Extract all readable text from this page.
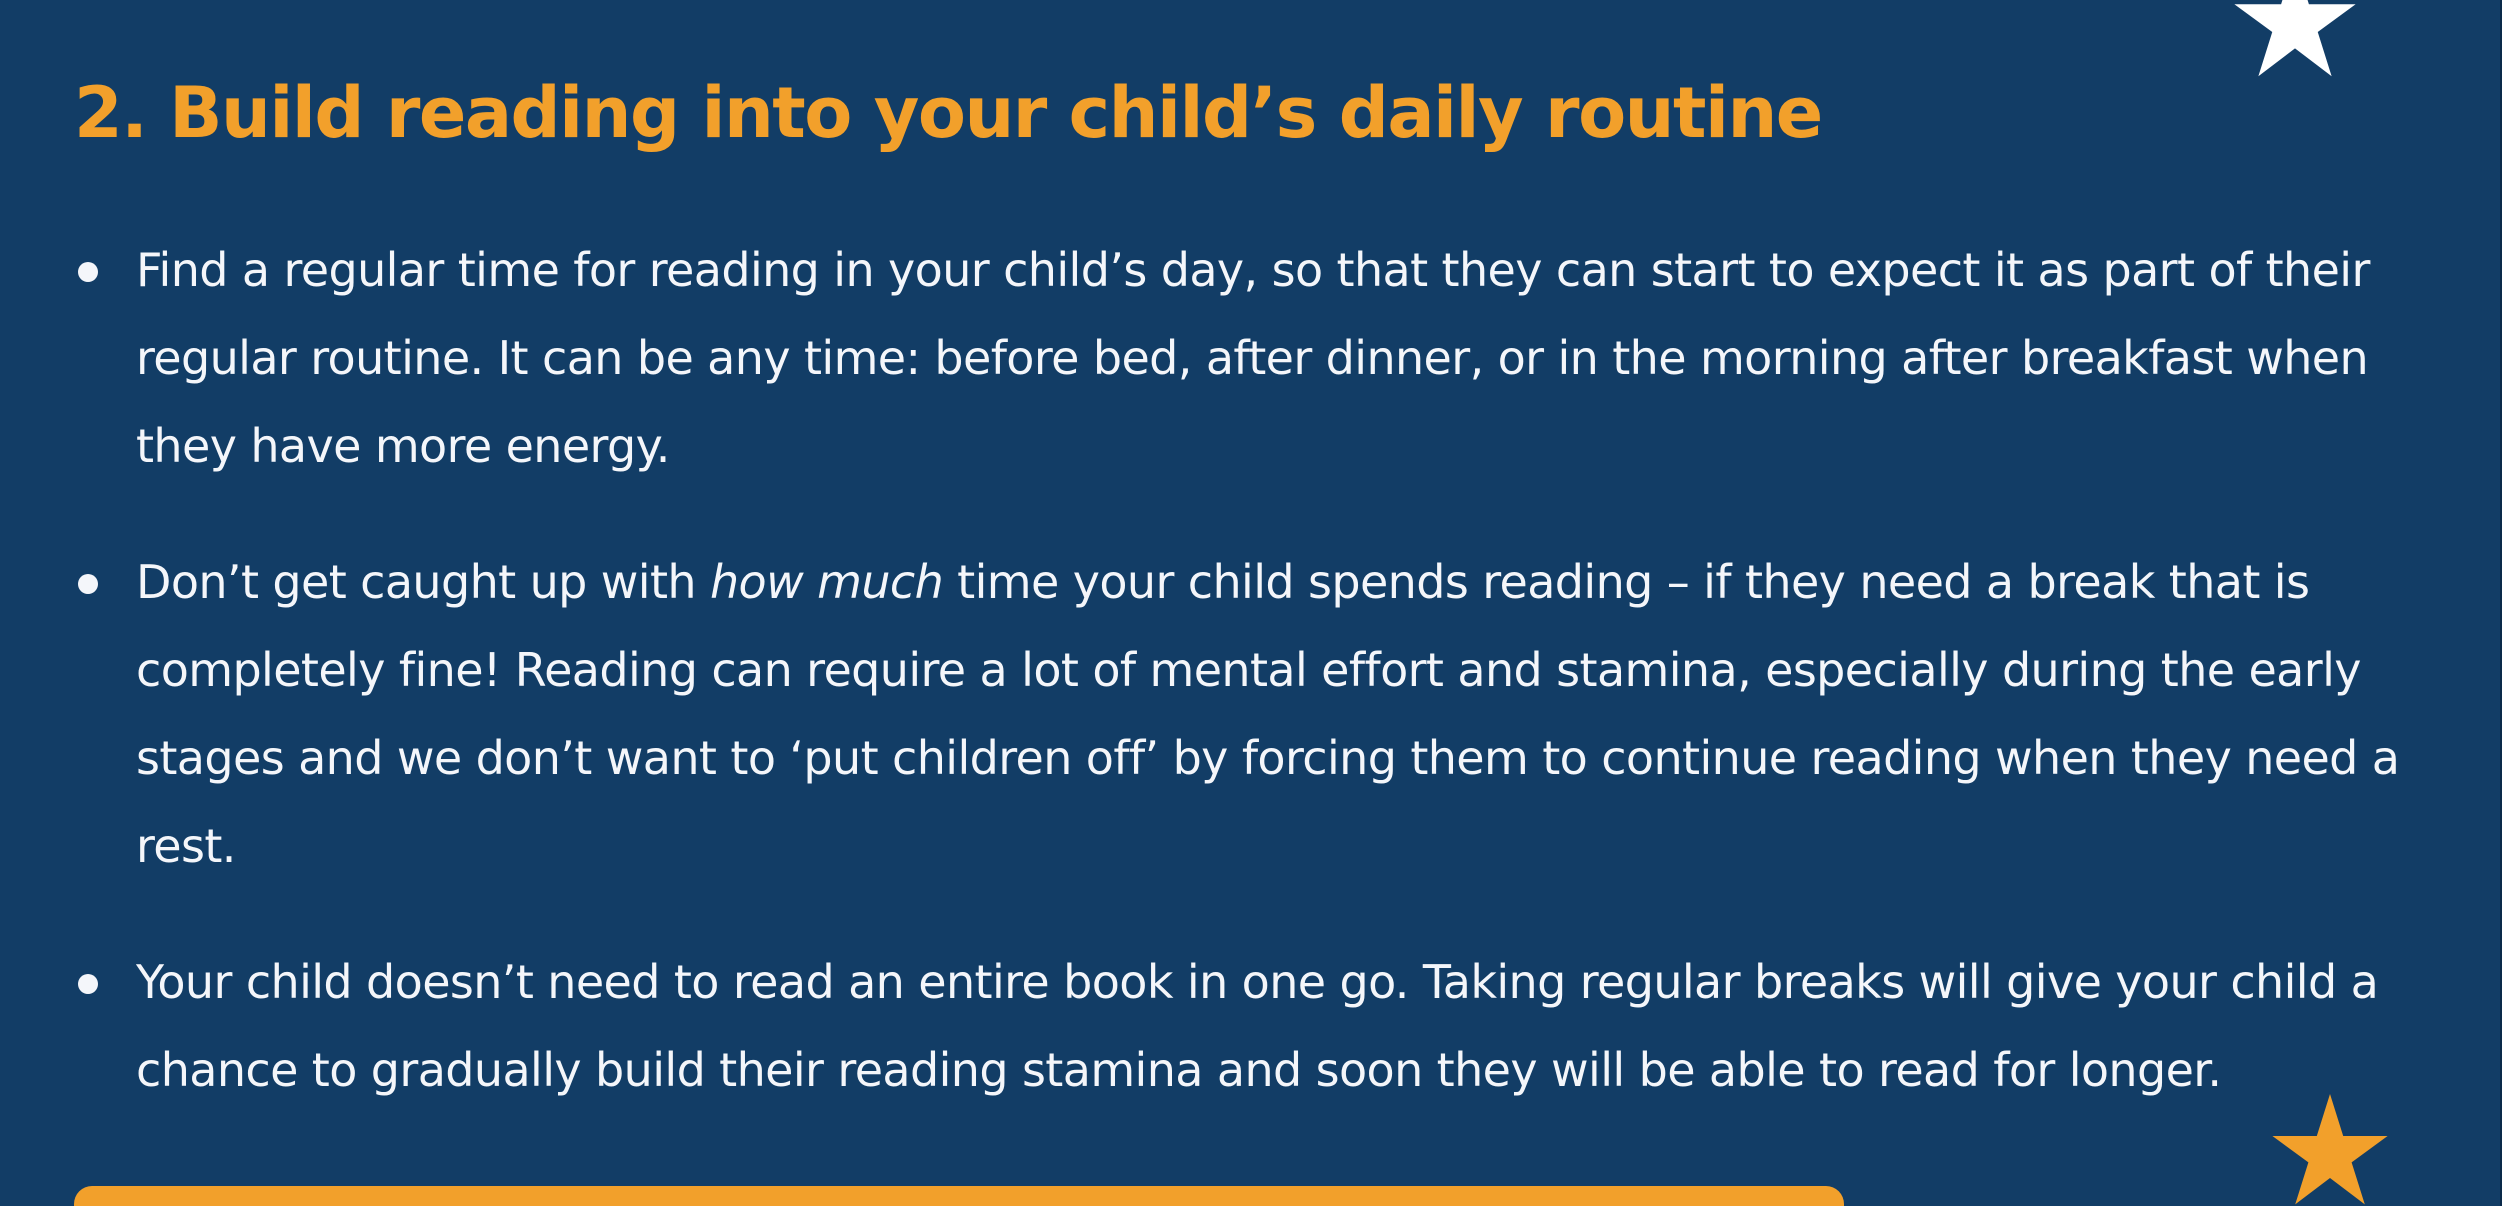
2. Build reading into your child’s daily routine
Find a regular time for reading in your child’s day, so that they can start to expect it as part of their regular routine. It can be any time: before bed, after dinner, or in the morning after breakfast when they have more energy.
Don’t get caught up with how much time your child spends reading – if they need a break that is completely fine! Reading can require a lot of mental effort and stamina, especially during the early stages and we don’t want to ‘put children off’ by forcing them to continue reading when they need a rest.
Your child doesn’t need to read an entire book in one go. Taking regular breaks will give your child a chance to gradually build their reading stamina and soon they will be able to read for longer.
